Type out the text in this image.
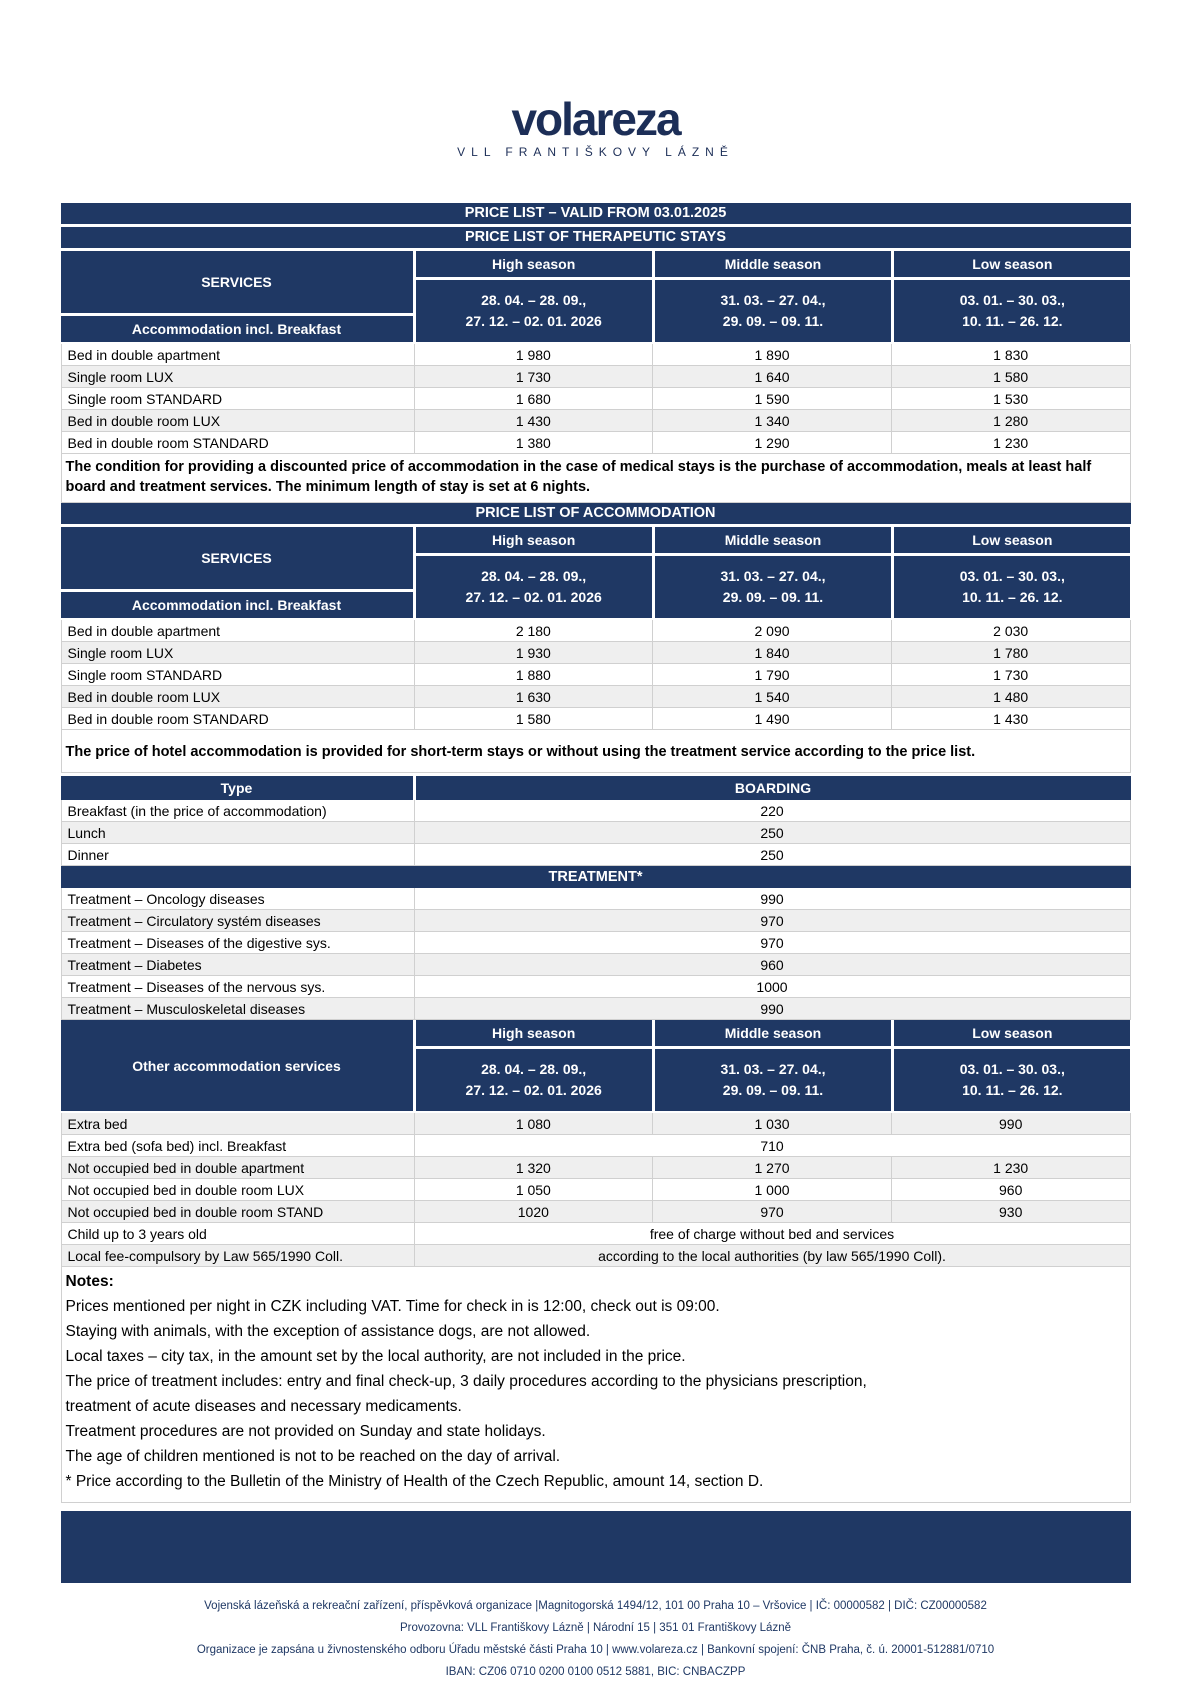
volareza
VLL FRANTIŠKOVY LÁZNĚ
PRICE LIST – VALID FROM 03.01.2025
PRICE LIST OF THERAPEUTIC STAYS
SERVICES
Accommodation incl. Breakfast
High season
28. 04. – 28. 09.,
27. 12. – 02. 01. 2026
Middle season
31. 03. – 27. 04.,
29. 09. – 09. 11.
Low season
03. 01. – 30. 03.,
10. 11. – 26. 12.
Bed in double apartment	1 980	1 890	1 830
Single room LUX	1 730	1 640	1 580
Single room STANDARD	1 680	1 590	1 530
Bed in double room LUX	1 430	1 340	1 280
Bed in double room STANDARD	1 380	1 290	1 230

The condition for providing a discounted price of accommodation in the case of medical stays is the purchase of accommodation, meals at least half board and treatment services. The minimum length of stay is set at 6 nights.

PRICE LIST OF ACCOMMODATION
SERVICES
Accommodation incl. Breakfast
High season
28. 04. – 28. 09.,
27. 12. – 02. 01. 2026
Middle season
31. 03. – 27. 04.,
29. 09. – 09. 11.
Low season
03. 01. – 30. 03.,
10. 11. – 26. 12.
Bed in double apartment	2 180	2 090	2 030
Single room LUX	1 930	1 840	1 780
Single room STANDARD	1 880	1 790	1 730
Bed in double room LUX	1 630	1 540	1 480
Bed in double room STANDARD	1 580	1 490	1 430

The price of hotel accommodation is provided for short-term stays or without using the treatment service according to the price list.

Type	BOARDING
Breakfast (in the price of accommodation)	220
Lunch	250
Dinner	250
TREATMENT*
Treatment – Oncology diseases	990
Treatment – Circulatory systém diseases	970
Treatment – Diseases of the digestive sys.	970
Treatment – Diabetes	960
Treatment – Diseases of the nervous sys.	1000
Treatment – Musculoskeletal diseases	990
Other accommodation services
High season
28. 04. – 28. 09.,
27. 12. – 02. 01. 2026
Middle season
31. 03. – 27. 04.,
29. 09. – 09. 11.
Low season
03. 01. – 30. 03.,
10. 11. – 26. 12.
Extra bed	1 080	1 030	990
Extra bed (sofa bed) incl. Breakfast	710
Not occupied bed in double apartment	1 320	1 270	1 230
Not occupied bed in double room LUX	1 050	1 000	960
Not occupied bed in double room STAND	1020	970	930
Child up to 3 years old	free of charge without bed and services
Local fee-compulsory by Law 565/1990 Coll.	according to the local authorities (by law 565/1990 Coll).
Notes:
Prices mentioned per night in CZK including VAT. Time for check in is 12:00, check out is 09:00.
Staying with animals, with the exception of assistance dogs, are not allowed.
Local taxes – city tax, in the amount set by the local authority, are not included in the price.
The price of treatment includes: entry and final check-up, 3 daily procedures according to the physicians prescription,
treatment of acute diseases and necessary medicaments.
Treatment procedures are not provided on Sunday and state holidays.
The age of children mentioned is not to be reached on the day of arrival.
* Price according to the Bulletin of the Ministry of Health of the Czech Republic, amount 14, section D.
Vojenská lázeňská a rekreační zařízení, příspěvková organizace |Magnitogorská 1494/12, 101 00 Praha 10 – Vršovice | IČ: 00000582 | DIČ: CZ00000582
Provozovna: VLL Františkovy Lázně | Národní 15 | 351 01 Františkovy Lázně
Organizace je zapsána u živnostenského odboru Úřadu městské části Praha 10 | www.volareza.cz | Bankovní spojení: ČNB Praha, č. ú. 20001-512881/0710
IBAN: CZ06 0710 0200 0100 0512 5881, BIC: CNBACZPP
